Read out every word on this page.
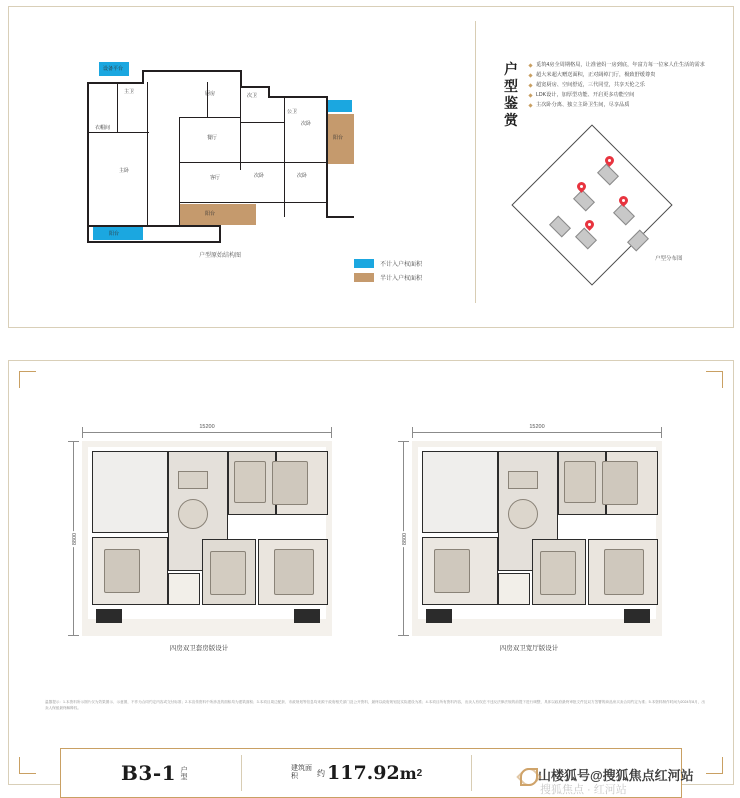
设备平台
主卫
衣帽间
主卧
阳台
厨房
餐厅
客厅
阳台
次卫
公卫
次卧	次卧
次卧
阳台
户型原始结构图
不计入户权面积
半计入户权面积
户型鉴赏
觅筑4房全周期格局，让准爸妈一房到底，年富力每一位家人仕生活的需求
超大米超大赠送面积，正对阔绰门厅，极致舒缓尊贵
超宽厨房、空间舒适，三代同堂，共享天伦之乐
LDK设计，加厚型功能、开启更多功能空间
主次卧分离、独立主卧卫生间，尽享品质
户型分布图
15200
8800
四房双卫套房版设计
15200
8800
四房双卫宽厅版设计
温馨提示：1.本资料所示图片仅为效果图示、示意图，不作为合同约定内容或交付标准；2.本宣传资料中所涉及的面积均为建筑面积；3.本项目周边配套、市政规划等信息均来源于政府相关部门及公开资料，最终以政府规划及实际建设为准；4.本项目所有资料内容，出卖人有权在不违反法律法规的前提下进行调整，具体以政府最终审批文件及双方签署的商品房买卖合同约定为准；5.本资料制作时间为2024年8月，出卖人保留最终解释权。
B3-1 户型	建筑面积	约 117.92 m 2	山楼狐号@搜狐焦点红河站
搜狐焦点 · 红河站
